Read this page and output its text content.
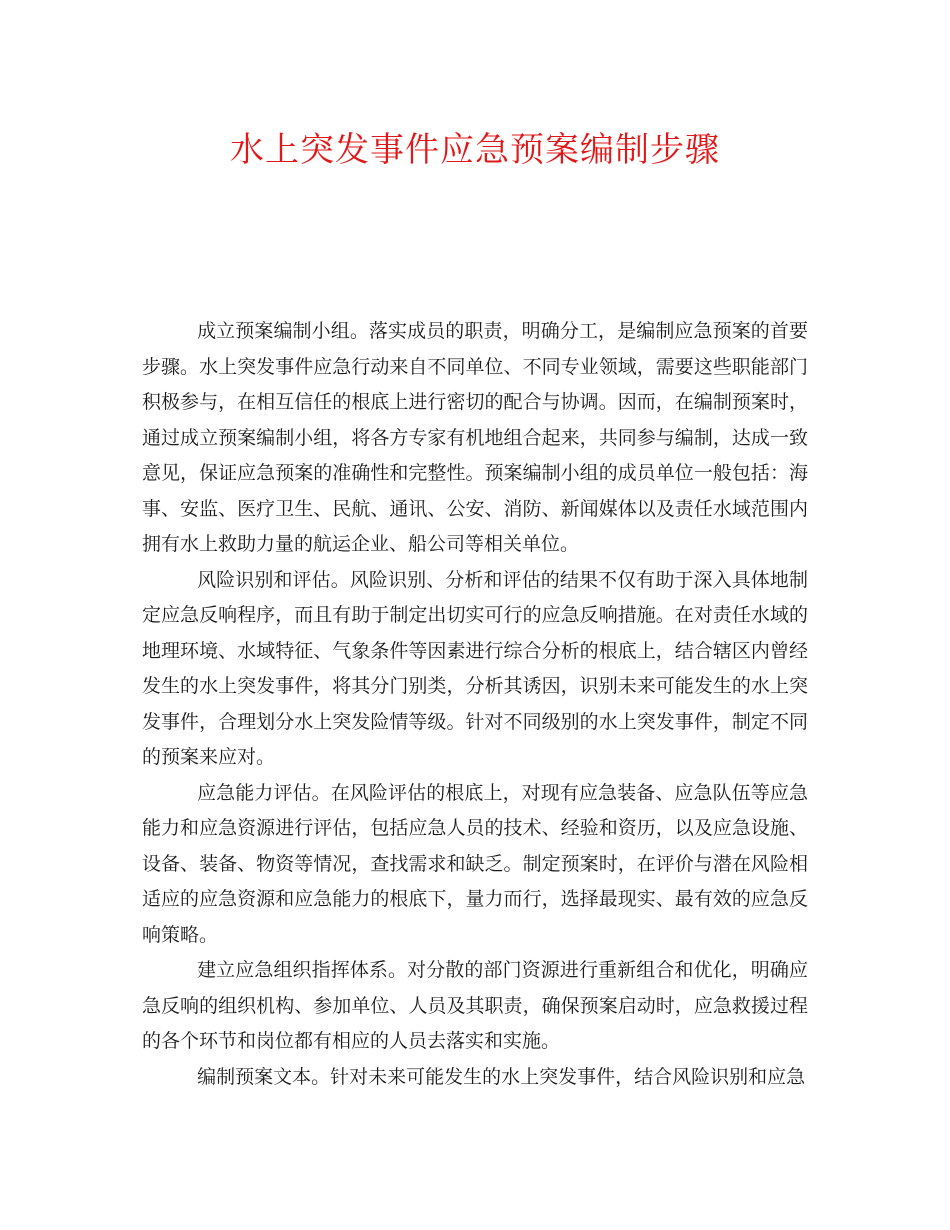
水上突发事件应急预案编制步骤

成立预案编制小组。落实成员的职责，明确分工，是编制应急预案的首要步骤。水上突发事件应急行动来自不同单位、不同专业领域，需要这些职能部门积极参与，在相互信任的根底上进行密切的配合与协调。因而，在编制预案时，通过成立预案编制小组，将各方专家有机地组合起来，共同参与编制，达成一致意见，保证应急预案的准确性和完整性。预案编制小组的成员单位一般包括：海事、安监、医疗卫生、民航、通讯、公安、消防、新闻媒体以及责任水域范围内拥有水上救助力量的航运企业、船公司等相关单位。

风险识别和评估。风险识别、分析和评估的结果不仅有助于深入具体地制定应急反响程序，而且有助于制定出切实可行的应急反响措施。在对责任水域的地理环境、水域特征、气象条件等因素进行综合分析的根底上，结合辖区内曾经发生的水上突发事件，将其分门别类，分析其诱因，识别未来可能发生的水上突发事件，合理划分水上突发险情等级。针对不同级别的水上突发事件，制定不同的预案来应对。

应急能力评估。在风险评估的根底上，对现有应急装备、应急队伍等应急能力和应急资源进行评估，包括应急人员的技术、经验和资历，以及应急设施、设备、装备、物资等情况，查找需求和缺乏。制定预案时，在评价与潜在风险相适应的应急资源和应急能力的根底下，量力而行，选择最现实、最有效的应急反响策略。

建立应急组织指挥体系。对分散的部门资源进行重新组合和优化，明确应急反响的组织机构、参加单位、人员及其职责，确保预案启动时，应急救援过程的各个环节和岗位都有相应的人员去落实和实施。

编制预案文本。针对未来可能发生的水上突发事件，结合风险识别和应急
